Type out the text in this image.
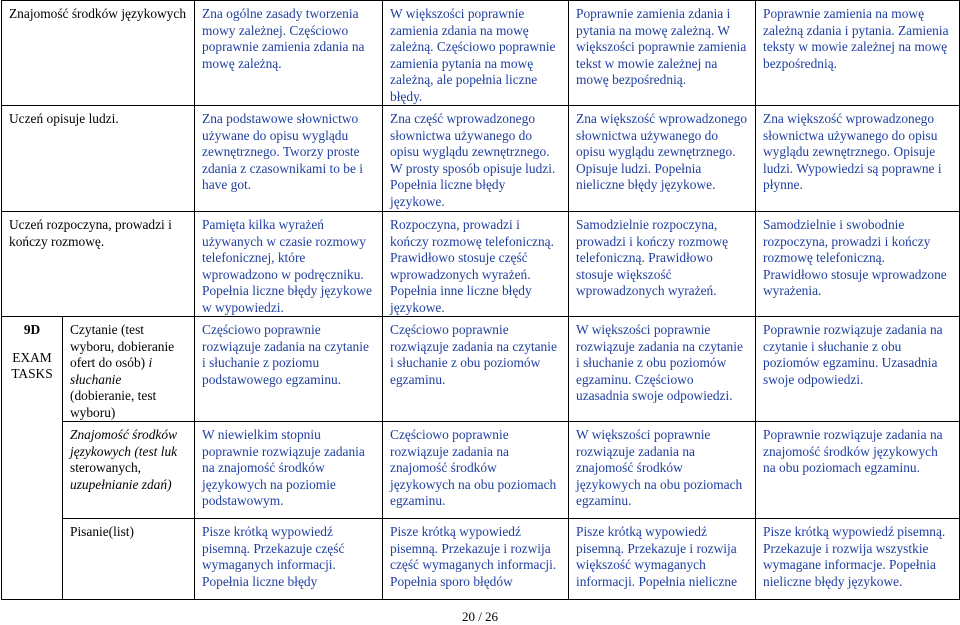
Znajomość środków językowych		Zna ogólne zasady tworzenia mowy zależnej. Częściowo poprawnie zamienia zdania na mowę zależną.	W większości poprawnie zamienia zdania na mowę zależną. Częściowo poprawnie zamienia pytania na mowę zależną, ale popełnia liczne błędy.	Poprawnie zamienia zdania i pytania na mowę zależną. W większości poprawnie zamienia tekst w mowie zależnej na mowę bezpośrednią.	Poprawnie zamienia na mowę zależną zdania i pytania. Zamienia teksty w mowie zależnej na mowę bezpośrednią.
Uczeń opisuje ludzi.		Zna podstawowe słownictwo używane do opisu wyglądu zewnętrznego. Tworzy proste zdania z czasownikami to be i have got.	Zna część wprowadzonego słownictwa używanego do opisu wyglądu zewnętrznego. W prosty sposób opisuje ludzi. Popełnia liczne błędy językowe.	Zna większość wprowadzonego słownictwa używanego do opisu wyglądu zewnętrznego. Opisuje ludzi. Popełnia nieliczne błędy językowe.	Zna większość wprowadzonego słownictwa używanego do opisu wyglądu zewnętrznego. Opisuje ludzi. Wypowiedzi są poprawne i płynne.
Uczeń rozpoczyna, prowadzi i kończy rozmowę.		Pamięta kilka wyrażeń używanych w czasie rozmowy telefonicznej, które wprowadzono w podręczniku. Popełnia liczne błędy językowe w wypowiedzi.	Rozpoczyna, prowadzi i kończy rozmowę telefoniczną. Prawidłowo stosuje część wprowadzonych wyrażeń. Popełnia inne liczne błędy językowe.	Samodzielnie rozpoczyna, prowadzi i kończy rozmowę telefoniczną. Prawidłowo stosuje większość wprowadzonych wyrażeń.	Samodzielnie i swobodnie rozpoczyna, prowadzi i kończy rozmowę telefoniczną. Prawidłowo stosuje wprowadzone wyrażenia.

9D
EXAM
TASKS	Czytanie (test wyboru, dobieranie ofert do osób) i słuchanie (dobieranie, test wyboru)	Częściowo poprawnie rozwiązuje zadania na czytanie i słuchanie z poziomu podstawowego egzaminu.	Częściowo poprawnie rozwiązuje zadania na czytanie i słuchanie z obu poziomów egzaminu.	W większości poprawnie rozwiązuje zadania na czytanie i słuchanie z obu poziomów egzaminu. Częściowo uzasadnia swoje odpowiedzi.	Poprawnie rozwiązuje zadania na czytanie i słuchanie z obu poziomów egzaminu. Uzasadnia swoje odpowiedzi.
	Znajomość środków językowych (test luk sterowanych, uzupełnianie zdań)	W niewielkim stopniu poprawnie rozwiązuje zadania na znajomość środków językowych na poziomie podstawowym.	Częściowo poprawnie rozwiązuje zadania na znajomość środków językowych na obu poziomach egzaminu.	W większości poprawnie rozwiązuje zadania na znajomość środków językowych na obu poziomach egzaminu.	Poprawnie rozwiązuje zadania na znajomość środków językowych na obu poziomach egzaminu.
	Pisanie(list)	Pisze krótką wypowiedź pisemną. Przekazuje część wymaganych informacji. Popełnia liczne błędy	Pisze krótką wypowiedź pisemną. Przekazuje i rozwija część wymaganych informacji. Popełnia sporo błędów	Pisze krótką wypowiedź pisemną. Przekazuje i rozwija większość wymaganych informacji. Popełnia nieliczne	Pisze krótką wypowiedź pisemną. Przekazuje i rozwija wszystkie wymagane informacje. Popełnia nieliczne błędy językowe.
20 / 26
